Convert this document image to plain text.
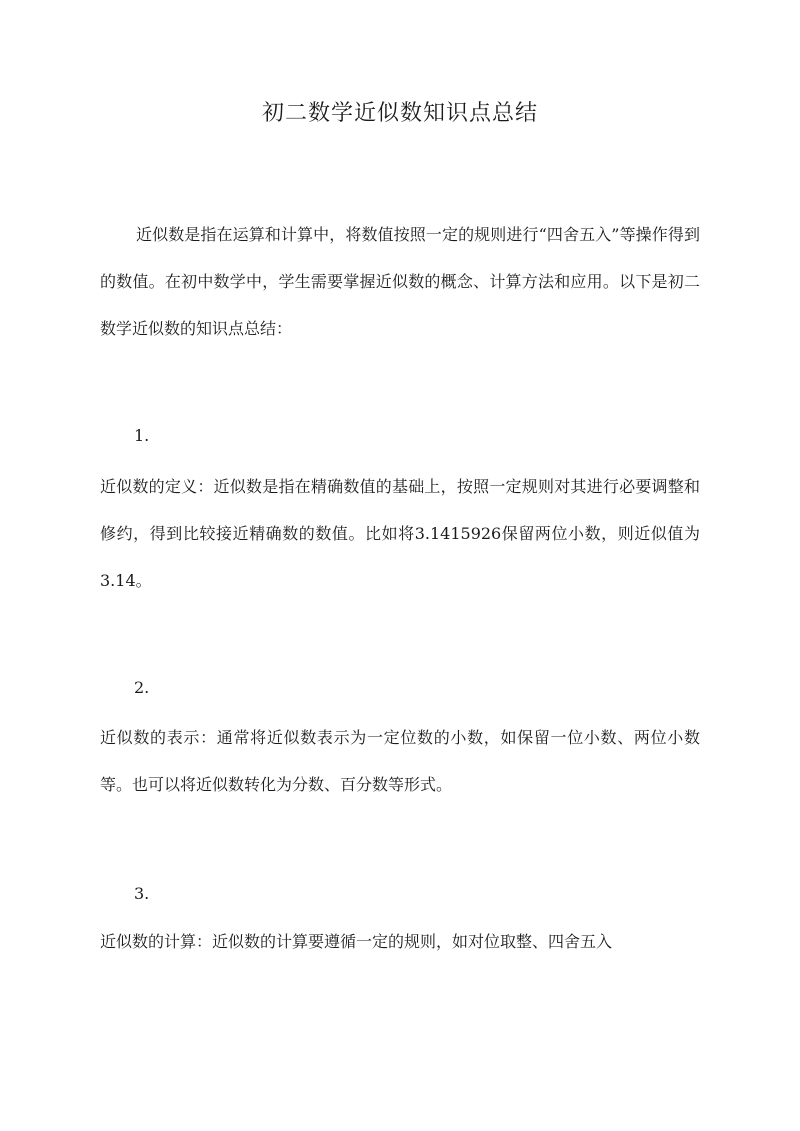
初二数学近似数知识点总结

近似数是指在运算和计算中，将数值按照一定的规则进行“四舍五入”等操作得到的数值。在初中数学中，学生需要掌握近似数的概念、计算方法和应用。以下是初二数学近似数的知识点总结：

1.

近似数的定义：近似数是指在精确数值的基础上，按照一定规则对其进行必要调整和修约，得到比较接近精确数的数值。比如将3.1415926保留两位小数，则近似值为3.14。

2.

近似数的表示：通常将近似数表示为一定位数的小数，如保留一位小数、两位小数等。也可以将近似数转化为分数、百分数等形式。

3.

近似数的计算：近似数的计算要遵循一定的规则，如对位取整、四舍五入
